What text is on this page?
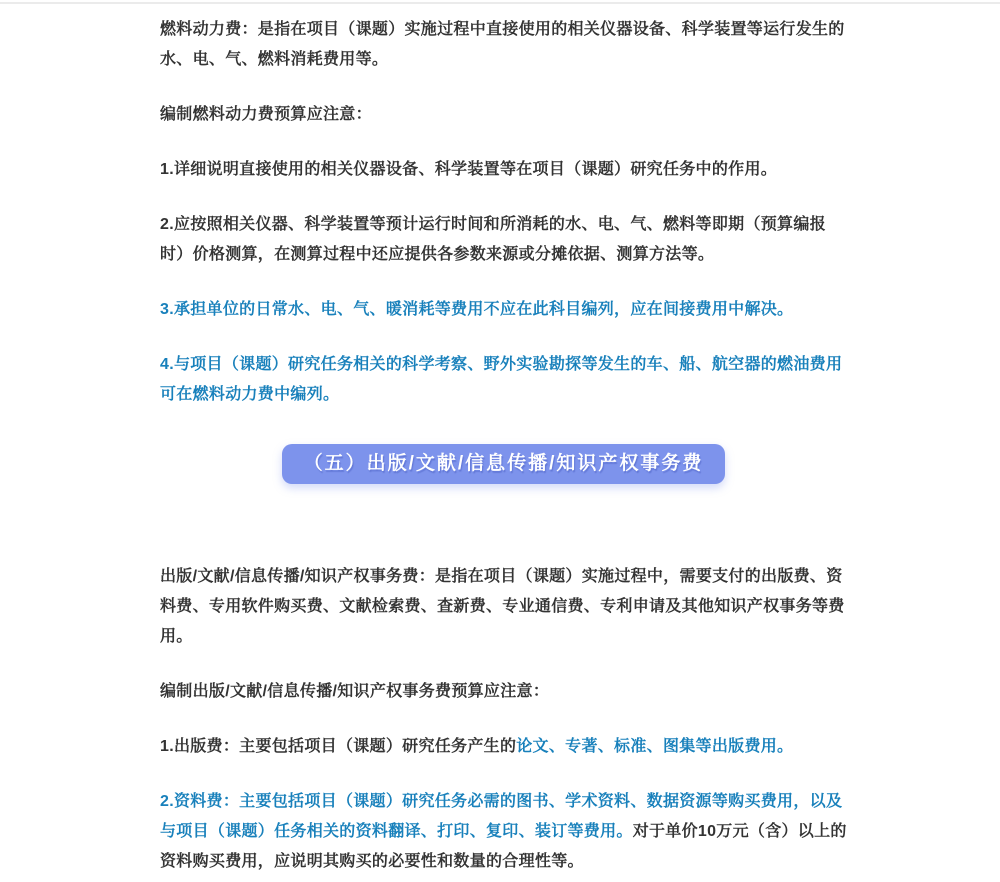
燃料动力费：是指在项目（课题）实施过程中直接使用的相关仪器设备、科学装置等运行发生的水、电、气、燃料消耗费用等。

编制燃料动力费预算应注意：

1.详细说明直接使用的相关仪器设备、科学装置等在项目（课题）研究任务中的作用。

2.应按照相关仪器、科学装置等预计运行时间和所消耗的水、电、气、燃料等即期（预算编报时）价格测算，在测算过程中还应提供各参数来源或分摊依据、测算方法等。

3.承担单位的日常水、电、气、暖消耗等费用不应在此科目编列，应在间接费用中解决。

4.与项目（课题）研究任务相关的科学考察、野外实验勘探等发生的车、船、航空器的燃油费用可在燃料动力费中编列。

（五）出版/文献/信息传播/知识产权事务费

出版/文献/信息传播/知识产权事务费：是指在项目（课题）实施过程中，需要支付的出版费、资料费、专用软件购买费、文献检索费、查新费、专业通信费、专利申请及其他知识产权事务等费用。

编制出版/文献/信息传播/知识产权事务费预算应注意：

1.出版费：主要包括项目（课题）研究任务产生的论文、专著、标准、图集等出版费用。

2.资料费：主要包括项目（课题）研究任务必需的图书、学术资料、数据资源等购买费用，以及与项目（课题）任务相关的资料翻译、打印、复印、装订等费用。对于单价10万元（含）以上的资料购买费用，应说明其购买的必要性和数量的合理性等。
